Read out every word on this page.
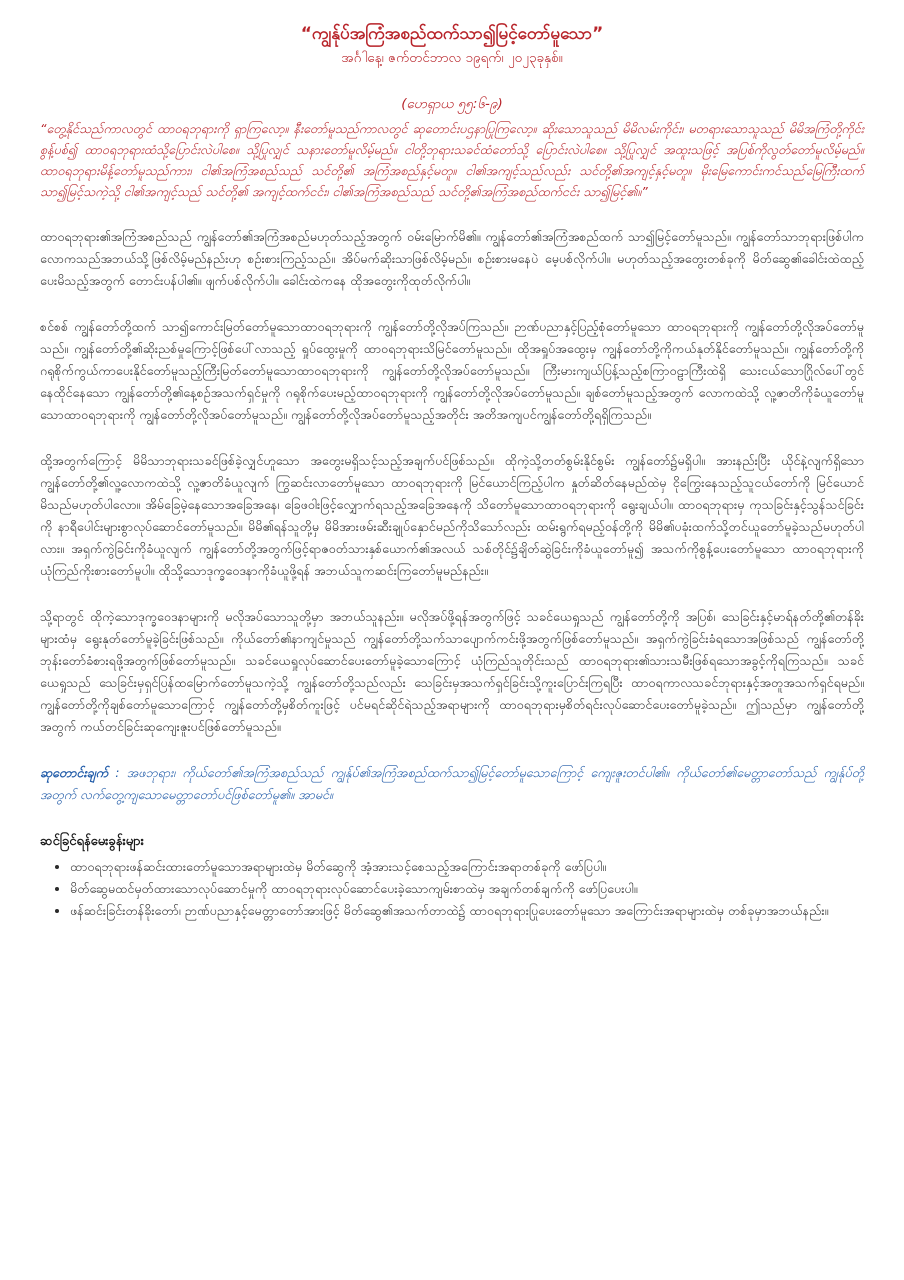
“ကျွန်ုပ်အကြံအစည်ထက်သာ၍မြင့်တော်မူသော”

အင်္ဂါနေ့၊ ဇက်တင်ဘာလ ၁၉ရက်၊ ၂၀၂၃ခုနှစ်။

(ဟေရှာယ ၅၅:၆-၉)

“တွေ့နိုင်သည်ကာလတွင် ထာဝရဘုရားကို ရှာကြလော့။ နီးတော်မူသည်ကာလတွင် ဆုတောင်းပဌနာပြုကြလော့။ ဆိုးသောသူသည် မိမိလမ်းကိုင်း၊ မတရားသောသူသည် မိမိအကြံတို့ကိုင်းစွန့်ပစ်၍ ထာဝရဘုရားထံသို့ပြောင်းလဲပါစေ။ သို့ပြုလျှင် သနားတော်မူလိမ့်မည်။ ငါတို့ဘုရားသခင်ထံတော်သို့ ပြောင်းလဲပါစေ။ သို့ပြုလျှင် အထူးသဖြင့် အပြစ်ကိုလွတ်တော်မူလိမ့်မည်။ ထာဝရဘုရားမိန့်တော်မူသည်ကား၊ ငါ၏အကြံအစည်သည် သင်တို့၏ အကြံအစည်နှင့်မတူ။ ငါ၏အကျင့်သည်လည်း သင်တို့၏အကျင့်နှင့်မတူ။ မိုးမြေကောင်းကင်သည်မြေကြီးထက်သာ၍မြင့်သကဲ့သို့ ငါ၏အကျင့်သည် သင်တို့၏ အကျင့်ထက်ငင်း၊ ငါ၏အကြံအစည်သည် သင်တို့၏အကြံအစည်ထက်ငင်း သာ၍မြင့်၏။”

ထာဝရဘုရား၏အကြံအစည်သည် ကျွန်တော်၏အကြံအစည်မဟုတ်သည့်အတွက် ဝမ်းမြောက်မိ၏။ ကျွန်တော်၏အကြံအစည်ထက် သာ၍မြင့်တော်မူသည်။ ကျွန်တော်သာဘုရားဖြစ်ပါက လောကသည်အဘယ်သို့ဖြစ်လိမ့်မည်နည်းဟု စဉ်းစားကြည့်သည်။ အိပ်မက်ဆိုးသာဖြစ်လိမ့်မည်။ စဉ်းစားမနေပဲ မေ့ပစ်လိုက်ပါ။ မဟုတ်သည့်အတွေးတစ်ခုကို မိတ်ဆွေ၏ခေါင်းထဲထည့်ပေးမိသည့်အတွက် တောင်းပန်ပါ၏။ ဖျက်ပစ်လိုက်ပါ။ ခေါင်းထဲကနေ ထိုအတွေးကိုထုတ်လိုက်ပါ။

စင်စစ် ကျွန်တော်တို့ထက် သာ၍ကောင်းမြတ်တော်မူသောထာဝရဘုရားကို ကျွန်တော်တို့လိုအပ်ကြသည်။ ဉာဏ်ပညာနှင့်ပြည့်စုံတော်မူသော ထာဝရဘုရားကို ကျွန်တော်တို့လိုအပ်တော်မူသည်။ ကျွန်တော်တို့၏ဆိုးညစ်မှုကြောင့်ဖြစ်ပေါ်လာသည့် ရှုပ်ထွေးမှုကို ထာဝရဘုရားသိမြင်တော်မူသည်။ ထိုအရှုပ်အထွေးမှ ကျွန်တော်တို့ကိုကယ်နုတ်နိုင်တော်မူသည်။ ကျွန်တော်တို့ကို ဂရုစိုက်ကွယ်ကာပေးနိုင်တော်မူသည့်ကြီးမြတ်တော်မူသောထာဝရဘုရားကို ကျွန်တော်တို့လိုအပ်တော်မူသည်။ ကြီးမားကျယ်ပြန့်သည့်စကြာဝဠာကြီးထဲရှိ သေးငယ်သောဂြိုလ်ပေါ်တွင်နေထိုင်နေသော ကျွန်တော်တို့၏နေ့စဉ်အသက်ရှင်မှုကို ဂရုစိုက်ပေးမည့်ထာဝရဘုရားကို ကျွန်တော်တို့လိုအပ်တော်မူသည်။ ချစ်တော်မူသည့်အတွက် လောကထဲသို့ လူ့ဇာတိကိုခံယူတော်မူသောထာဝရဘုရားကို ကျွန်တော်တို့လိုအပ်တော်မူသည်။ ကျွန်တော်တို့လိုအပ်တော်မူသည့်အတိုင်း အတိအကျပင်ကျွန်တော်တို့ရရှိကြသည်။

ထို့အတွက်ကြောင့် မိမိသာဘုရားသခင်ဖြစ်ခဲ့လျှင်ဟူသော အတွေးမရှိသင့်သည့်အချက်ပင်ဖြစ်သည်။ ထိုကဲ့သို့တတ်စွမ်းနိုင်စွမ်း ကျွန်တော်၌မရှိပါ။ အားနည်းပြီး ယိုင်နဲ့လျက်ရှိသော ကျွန်တော်တို့၏လူ့လောကထဲသို့ လူ့ဇာတိခံယူလျက် ကြွဆင်းလာတော်မူသော ထာဝရဘုရားကို မြင်ယောင်ကြည့်ပါက နှုတ်ဆိတ်နေမည်ထဲမှ ငိုကြွေးနေသည့်သူငယ်တော်ကို မြင်ယောင်မိသည်မဟုတ်ပါလော။ အိမ်ခြေမဲ့နေသောအခြေအနေ၊ ခြေဖဝါးဖြင့်လျှောက်ရသည့်အခြေအနေကို သိတော်မူသောထာဝရဘုရားကို ရွေးချယ်ပါ။ ထာဝရဘုရားမှ ကုသခြင်းနှင့်သွန်သင်ခြင်းကို နာရီပေါင်းများစွာလုပ်ဆောင်တော်မူသည်။ မိမိ၏ရန်သူတို့မှ မိမိအားဖမ်းဆီးချုပ်နှောင်မည်ကိုသိသော်လည်း ထမ်းရွက်ရမည့်ဝန်တို့ကို မိမိ၏ပခုံးထက်သို့တင်ယူတော်မူခဲ့သည်မဟုတ်ပါလား။ အရှက်ကွဲခြင်းကိုခံယူလျက် ကျွန်တော်တို့အတွက်ဖြင့်ရာဇဝတ်သားနှစ်ယောက်၏အလယ် သစ်တိုင်၌ချိတ်ဆွဲခြင်းကိုခံယူတော်မူ၍ အသက်ကိုစွန့်ပေးတော်မူသော ထာဝရဘုရားကိုယုံကြည်ကိုးစားတော်မူပါ။ ထိုသို့သောဒုက္ခဝေဒနာကိုခံယူဖို့ရန် အဘယ်သူကဆင်းကြတော်မူမည်နည်း။

သို့ရာတွင် ထိုကဲ့သောဒုက္ခဝေဒနာများကို မလိုအပ်သောသူတို့မှာ အဘယ်သူနည်း။ မလိုအပ်ဖို့ရန်အတွက်ဖြင့် သခင်ယေရှုသည် ကျွန်တော်တို့ကို အပြစ်၊ သေခြင်းနှင့်မာရ်နတ်တို့၏တန်ခိုးများထံမှ ရွေးနုတ်တော်မူခဲ့ခြင်းဖြစ်သည်။ ကိုယ်တော်၏နာကျင်မှုသည် ကျွန်တော်တို့သက်သာပျောက်ကင်းဖို့အတွက်ဖြစ်တော်မူသည်။ အရှက်ကွဲခြင်းခံရသောအဖြစ်သည် ကျွန်တော်တို့ဘုန်းတော်ခံစားရဖို့အတွက်ဖြစ်တော်မူသည်။ သခင်ယေရှုလုပ်ဆောင်ပေးတော်မူခဲ့သောကြောင့် ယုံကြည်သူတိုင်းသည် ထာဝရဘုရား၏သားသမီးဖြစ်ရသောအခွင့်ကိုရကြသည်။ သခင်ယေရှုသည် သေခြင်းမှရှင်ပြန်ထမြောက်တော်မူသကဲ့သို့ ကျွန်တော်တို့သည်လည်း သေခြင်းမှအသက်ရှင်ခြင်းသို့ကူးပြောင်းကြရပြီး ထာဝရကာလသခင်ဘုရားနှင့်အတူအသက်ရှင်ရမည်။ ကျွန်တော်တို့ကိုချစ်တော်မူသောကြောင့် ကျွန်တော်တို့မှစိတ်ကူးဖြင့် ပင်မရင်ဆိုင်ရဲသည့်အရာများကို ထာဝရဘုရားမှစိတ်ရင်းလုပ်ဆောင်ပေးတော်မူခဲ့သည်။ ဤသည်မှာ ကျွန်တော်တို့အတွက် ကယ်တင်ခြင်းဆုကျေးဇူးပင်ဖြစ်တော်မူသည်။

ဆုတောင်းချက် : အဖဘုရား၊ ကိုယ်တော်၏အကြံအစည်သည် ကျွန်ုပ်၏အကြံအစည်ထက်သာ၍မြင့်တော်မူသောကြောင့် ကျေးဇူးတင်ပါ၏။ ကိုယ်တော်၏မေတ္တာတော်သည် ကျွန်ုပ်တို့အတွက် လက်တွေ့ကျသောမေတ္တာတော်ပင်ဖြစ်တော်မူ၏။ အာမင်။

ဆင်ခြင်ရန်မေးခွန်းများ
• ထာဝရဘုရားဖန်ဆင်းထားတော်မူသောအရာများထဲမှ မိတ်ဆွေကို အံ့အားသင့်စေသည့်အကြောင်းအရာတစ်ခုကို ဖော်ပြပါ။
• မိတ်ဆွေမထင်မှတ်ထားသောလုပ်ဆောင်မှုကို ထာဝရဘုရားလုပ်ဆောင်ပေးခဲ့သောကျမ်းစာထဲမှ အချက်တစ်ချက်ကို ဖော်ပြပေးပါ။
• ဖန်ဆင်းခြင်းတန်ခိုးတော်၊ ဉာဏ်ပညာနှင့်မေတ္တာတော်အားဖြင့် မိတ်ဆွေ၏အသက်တာထဲ၌ ထာဝရဘုရားပြုပေးတော်မူသော အကြောင်းအရာများထဲမှ တစ်ခုမှာအဘယ်နည်း။
